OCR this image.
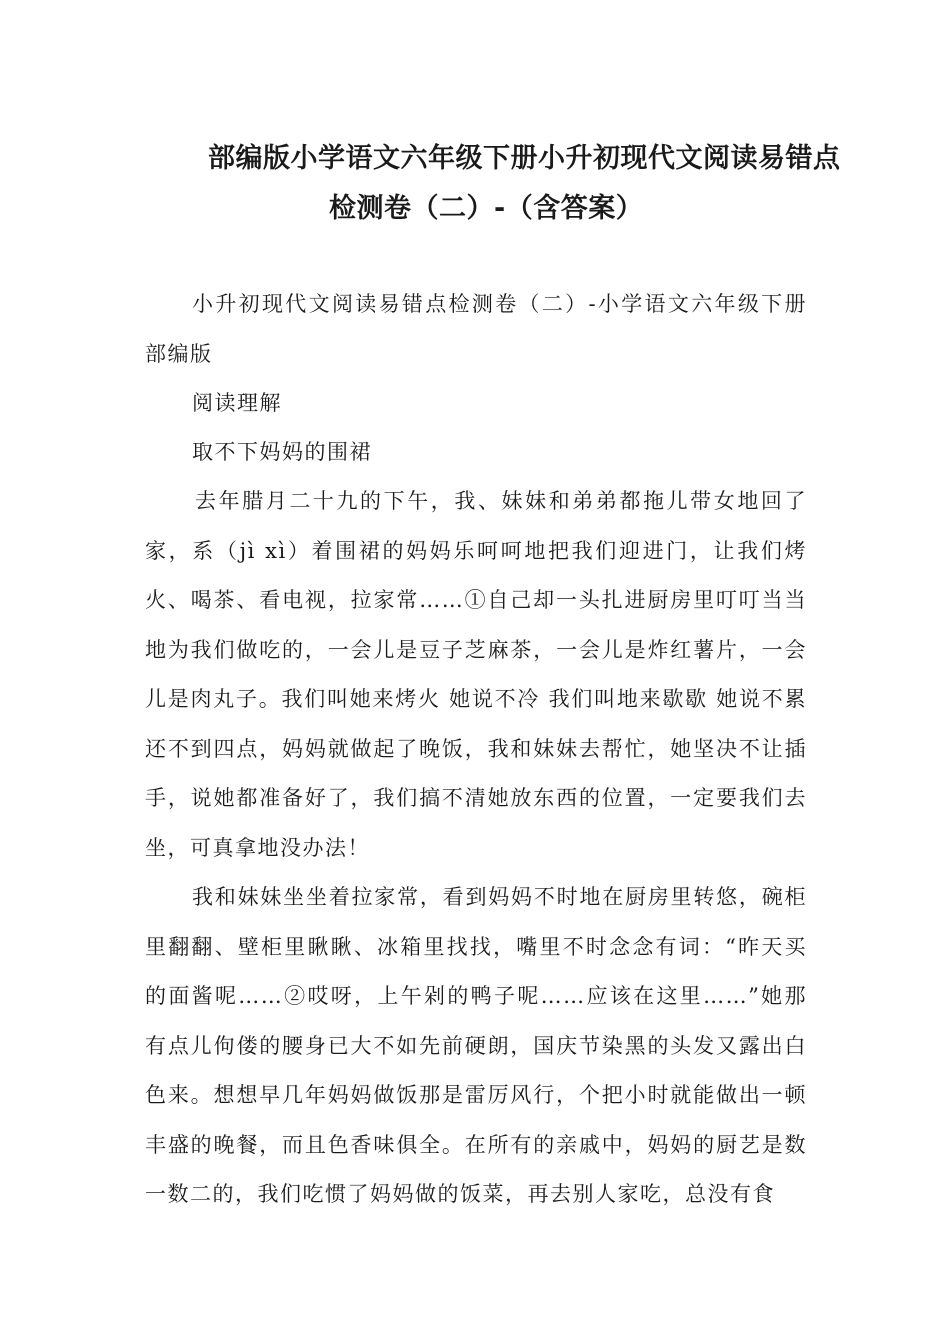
部编版小学语文六年级下册小升初现代文阅读易错点
检测卷（二）-（含答案）

小升初现代文阅读易错点检测卷（二）-小学语文六年级下册部编版

阅读理解

取不下妈妈的围裙

去年腊月二十九的下午，我、妹妹和弟弟都拖儿带女地回了家，系（jì xì）着围裙的妈妈乐呵呵地把我们迎进门，让我们烤火、喝茶、看电视，拉家常……①自己却一头扎进厨房里叮叮当当地为我们做吃的，一会儿是豆子芝麻茶，一会儿是炸红薯片，一会儿是肉丸子。我们叫她来烤火 她说不冷 我们叫地来歇歇 她说不累还不到四点，妈妈就做起了晚饭，我和妹妹去帮忙，她坚决不让插手，说她都准备好了，我们搞不清她放东西的位置，一定要我们去坐，可真拿地没办法！

我和妹妹坐坐着拉家常，看到妈妈不时地在厨房里转悠，碗柜里翻翻、壁柜里瞅瞅、冰箱里找找，嘴里不时念念有词：“昨天买的面酱呢……②哎呀，上午剁的鸭子呢……应该在这里……”她那有点儿佝偻的腰身已大不如先前硬朗，国庆节染黑的头发又露出白色来。想想早几年妈妈做饭那是雷厉风行，个把小时就能做出一顿丰盛的晚餐，而且色香味俱全。在所有的亲戚中，妈妈的厨艺是数一数二的，我们吃惯了妈妈做的饭菜，再去别人家吃，总没有食
